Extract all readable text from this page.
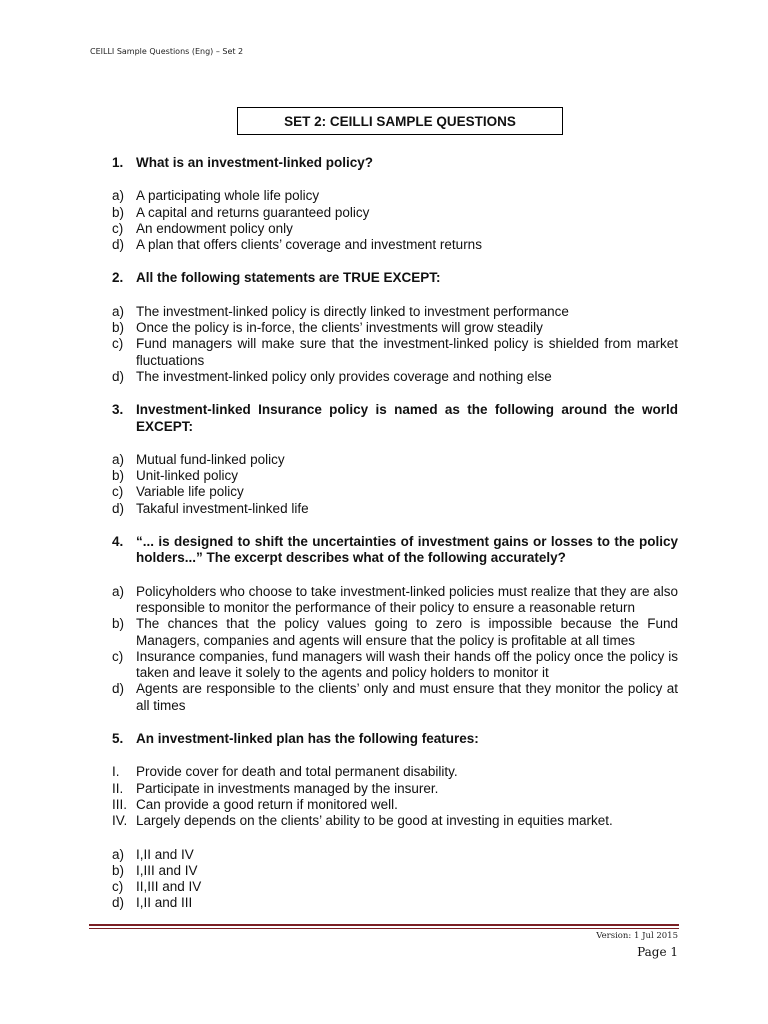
CEILLI Sample Questions (Eng) – Set 2
SET 2: CEILLI SAMPLE QUESTIONS
1. What is an investment-linked policy?
a) A participating whole life policy
b) A capital and returns guaranteed policy
c) An endowment policy only
d) A plan that offers clients’ coverage and investment returns
2. All the following statements are TRUE EXCEPT:
a) The investment-linked policy is directly linked to investment performance
b) Once the policy is in-force, the clients’ investments will grow steadily
c) Fund managers will make sure that the investment-linked policy is shielded from market fluctuations
d) The investment-linked policy only provides coverage and nothing else
3. Investment-linked Insurance policy is named as the following around the world EXCEPT:
a) Mutual fund-linked policy
b) Unit-linked policy
c) Variable life policy
d) Takaful investment-linked life
4. “... is designed to shift the uncertainties of investment gains or losses to the policy holders...” The excerpt describes what of the following accurately?
a) Policyholders who choose to take investment-linked policies must realize that they are also responsible to monitor the performance of their policy to ensure a reasonable return
b) The chances that the policy values going to zero is impossible because the Fund Managers, companies and agents will ensure that the policy is profitable at all times
c) Insurance companies, fund managers will wash their hands off the policy once the policy is taken and leave it solely to the agents and policy holders to monitor it
d) Agents are responsible to the clients’ only and must ensure that they monitor the policy at all times
5. An investment-linked plan has the following features:
I.	Provide cover for death and total permanent disability.
II. Participate in investments managed by the insurer.
III. Can provide a good return if monitored well.
IV. Largely depends on the clients’ ability to be good at investing in equities market.
a) I,II and IV
b) I,III and IV
c) II,III and IV
d) I,II and III
Version: 1 Jul 2015
Page 1
